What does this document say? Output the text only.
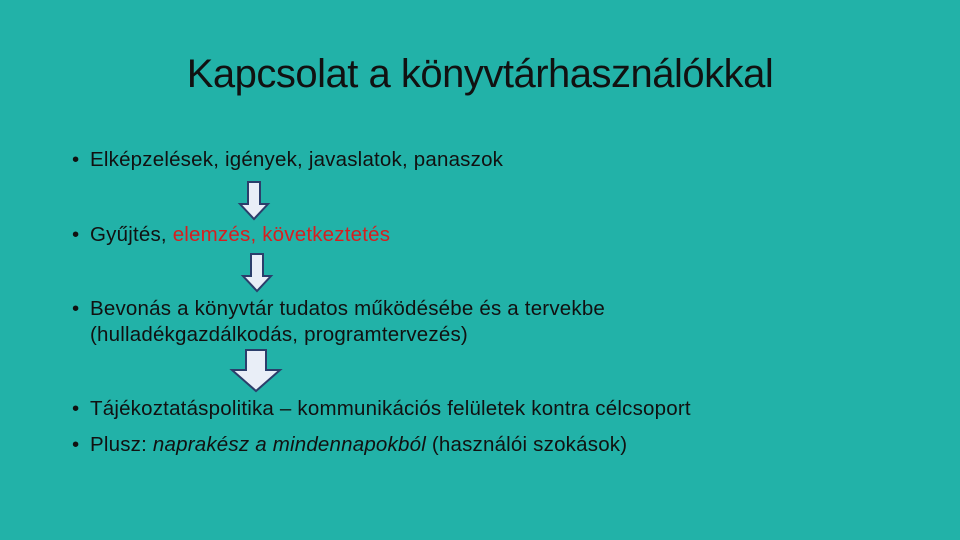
Kapcsolat a könyvtárhasználókkal
• Elképzelések, igények, javaslatok, panaszok
• Gyűjtés, elemzés, következtetés
• Bevonás a könyvtár tudatos működésébe és a tervekbe
(hulladékgazdálkodás, programtervezés)
• Tájékoztatáspolitika – kommunikációs felületek kontra célcsoport
• Plusz: naprakész a mindennapokból (használói szokások)
